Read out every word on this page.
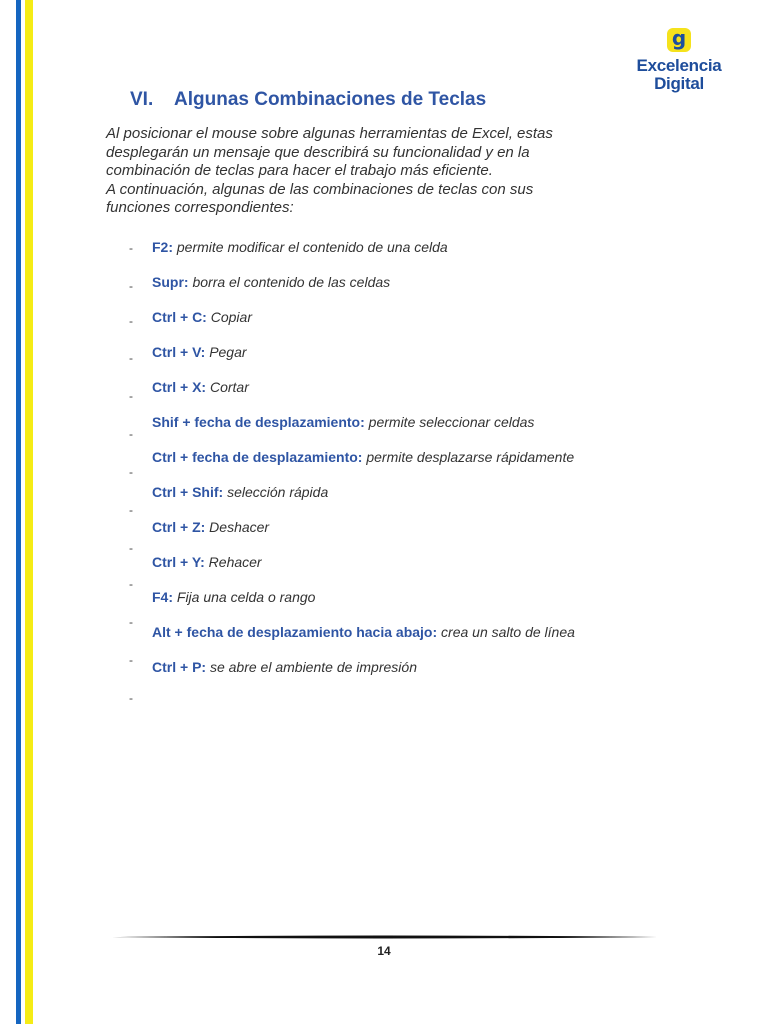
g
Excelencia
Digital
VI. Algunas Combinaciones de Teclas

Al posicionar el mouse sobre algunas herramientas de Excel, estas
desplegarán un mensaje que describirá su funcionalidad y en la
combinación de teclas para hacer el trabajo más eficiente.
A continuación, algunas de las combinaciones de teclas con sus
funciones correspondientes:

-
-
-
-
-
-
-
-
-
-
-
-
-
F2: permite modificar el contenido de una celda
Supr: borra el contenido de las celdas
Ctrl + C: Copiar
Ctrl + V: Pegar
Ctrl + X: Cortar
Shif + fecha de desplazamiento: permite seleccionar celdas
Ctrl + fecha de desplazamiento: permite desplazarse rápidamente
Ctrl + Shif: selección rápida
Ctrl + Z: Deshacer
Ctrl + Y: Rehacer
F4: Fija una celda o rango
Alt + fecha de desplazamiento hacia abajo: crea un salto de línea
Ctrl + P: se abre el ambiente de impresión
14
